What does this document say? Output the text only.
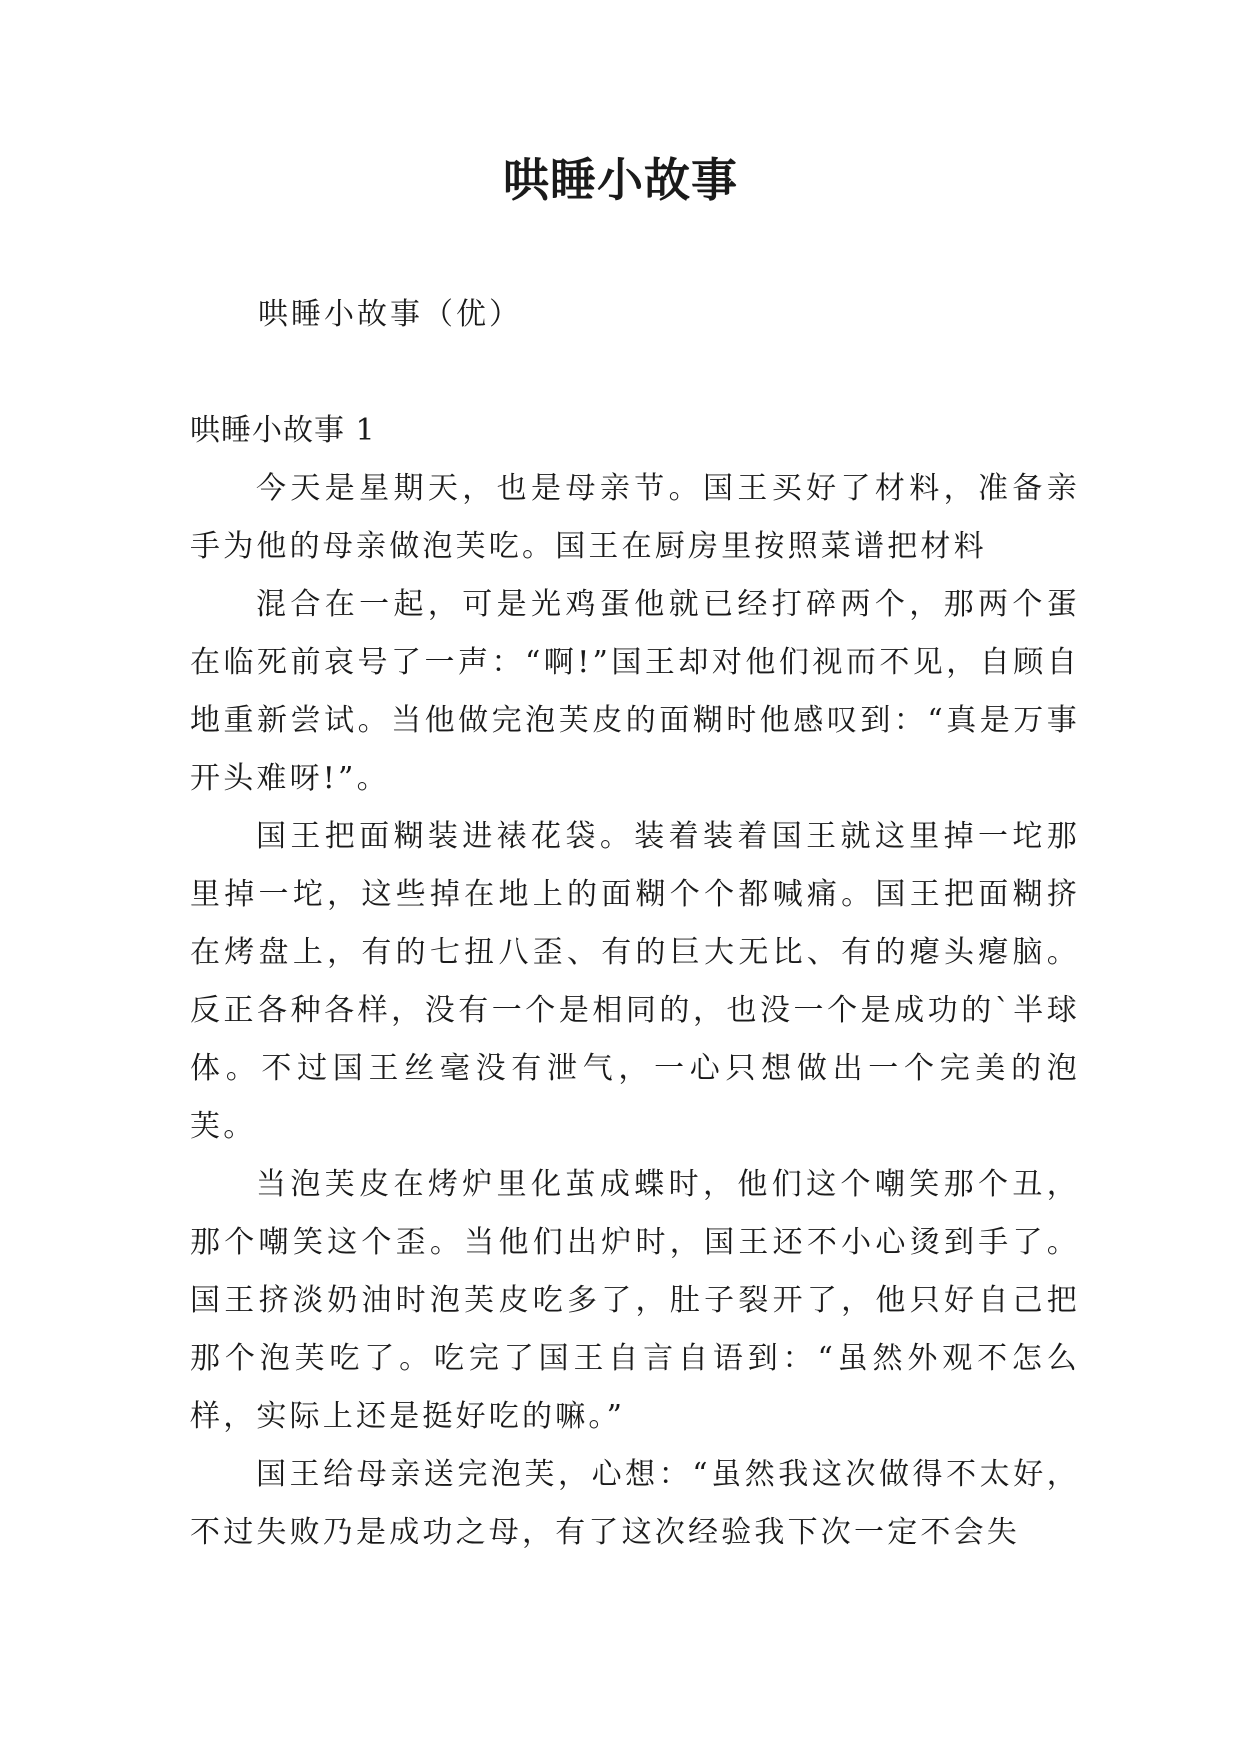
哄睡小故事
哄睡小故事（优）
哄睡小故事 1

今天是星期天，也是母亲节。国王买好了材料，准备亲手为他的母亲做泡芙吃。国王在厨房里按照菜谱把材料

混合在一起，可是光鸡蛋他就已经打碎两个，那两个蛋在临死前哀号了一声：“啊!”国王却对他们视而不见，自顾自地重新尝试。当他做完泡芙皮的面糊时他感叹到：“真是万事开头难呀!”。

国王把面糊装进裱花袋。装着装着国王就这里掉一坨那里掉一坨，这些掉在地上的面糊个个都喊痛。国王把面糊挤在烤盘上，有的七扭八歪、有的巨大无比、有的瘪头瘪脑。反正各种各样，没有一个是相同的，也没一个是成功的`半球体。不过国王丝毫没有泄气，一心只想做出一个完美的泡芙。

当泡芙皮在烤炉里化茧成蝶时，他们这个嘲笑那个丑，那个嘲笑这个歪。当他们出炉时，国王还不小心烫到手了。国王挤淡奶油时泡芙皮吃多了，肚子裂开了，他只好自己把那个泡芙吃了。吃完了国王自言自语到：“虽然外观不怎么样，实际上还是挺好吃的嘛。”

国王给母亲送完泡芙，心想：“虽然我这次做得不太好，不过失败乃是成功之母，有了这次经验我下次一定不会失
